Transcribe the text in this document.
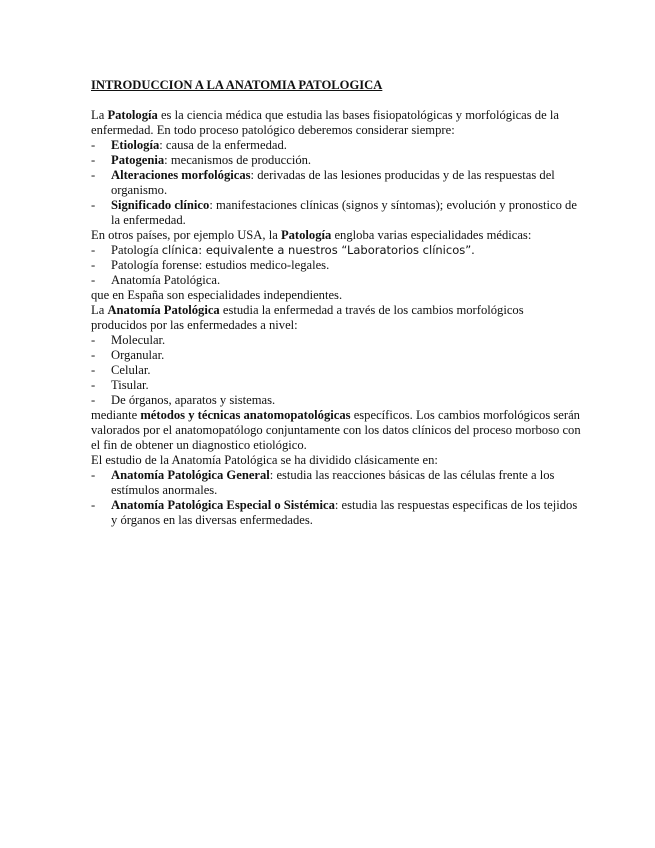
INTRODUCCION A LA ANATOMIA PATOLOGICA

La Patología es la ciencia médica que estudia las bases fisiopatológicas y morfológicas de la enfermedad. En todo proceso patológico deberemos considerar siempre:

- Etiología: causa de la enfermedad.
- Patogenia: mecanismos de producción.
- Alteraciones morfológicas: derivadas de las lesiones producidas y de las respuestas del organismo.
- Significado clínico: manifestaciones clínicas (signos y síntomas); evolución y pronostico de la enfermedad.

En otros países, por ejemplo USA, la Patología engloba varias especialidades médicas:

- Patología clínica: equivalente a nuestros “Laboratorios clínicos”.
- Patología forense: estudios medico-legales.
- Anatomía Patológica.

que en España son especialidades independientes.

La Anatomía Patológica estudia la enfermedad a través de los cambios morfológicos producidos por las enfermedades a nivel:

- Molecular.
- Organular.
- Celular.
- Tisular.
- De órganos, aparatos y sistemas.

mediante métodos y técnicas anatomopatológicas específicos. Los cambios morfológicos serán valorados por el anatomopatólogo conjuntamente con los datos clínicos del proceso morboso con el fin de obtener un diagnostico etiológico.

El estudio de la Anatomía Patológica se ha dividido clásicamente en:

- Anatomía Patológica General: estudia las reacciones básicas de las células frente a los estímulos anormales.
- Anatomía Patológica Especial o Sistémica: estudia las respuestas especificas de los tejidos y órganos en las diversas enfermedades.
